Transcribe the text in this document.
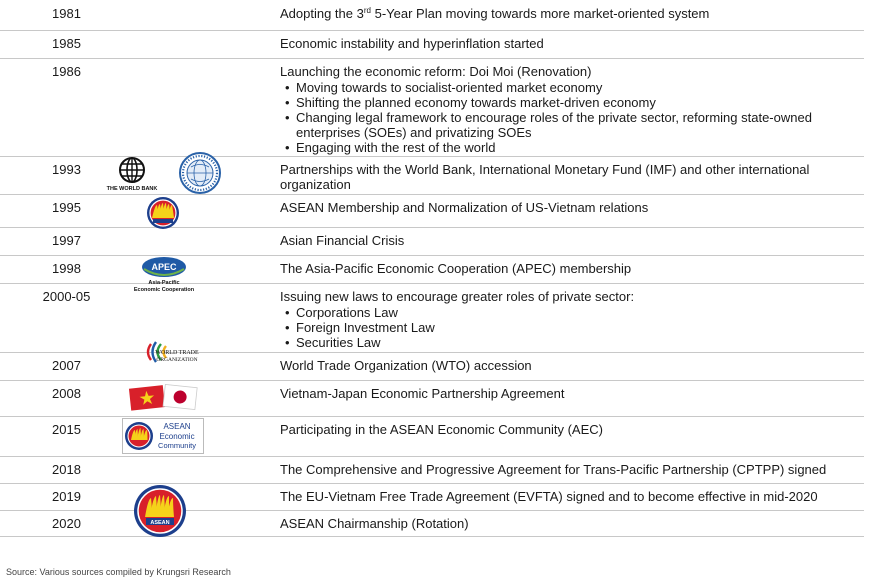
1981	Adopting the 3rd 5-Year Plan moving towards more market-oriented system
1985	Economic instability and hyperinflation started
1986	Launching the economic reform: Doi Moi (Renovation)
• Moving towards to socialist-oriented market economy
• Shifting the planned economy towards market-driven economy
• Changing legal framework to encourage roles of the private sector, reforming state-owned enterprises (SOEs) and privatizing SOEs
• Engaging with the rest of the world
1993	Partnerships with the World Bank, International Monetary Fund (IMF) and other international organization
THE WORLD BANK
1995	ASEAN Membership and Normalization of US-Vietnam relations
1997	Asian Financial Crisis
1998	The Asia-Pacific Economic Cooperation (APEC) membership
APEC
Asia-Pacific
Economic Cooperation
2000-05	Issuing new laws to encourage greater roles of private sector:
• Corporations Law
• Foreign Investment Law
• Securities Law
2007	World Trade Organization (WTO) accession
WORLD TRADE
ORGANIZATION
2008	Vietnam-Japan Economic Partnership Agreement
2015	Participating in the ASEAN Economic Community (AEC)
ASEAN
Economic
Community
2018	The Comprehensive and Progressive Agreement for Trans-Pacific Partnership (CPTPP) signed
2019	The EU-Vietnam Free Trade Agreement (EVFTA) signed and to become effective in mid-2020
2020	ASEAN Chairmanship (Rotation)
ASEAN
Source: Various sources compiled by Krungsri Research
